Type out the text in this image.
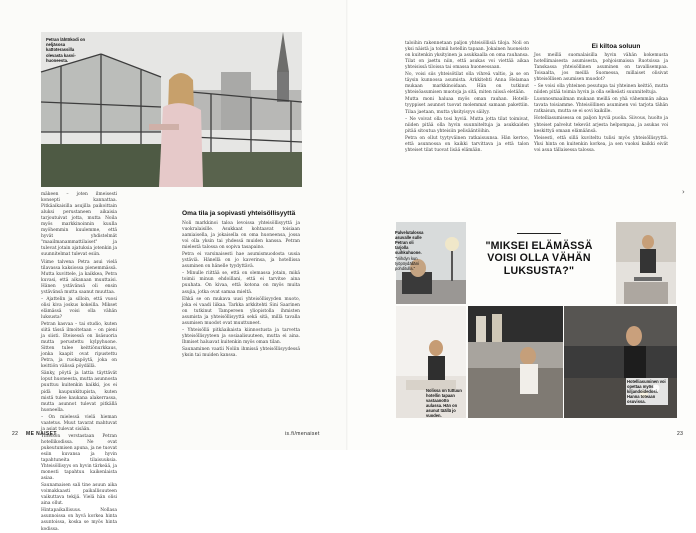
Petran lähtökodi on neljäsosa kattoterassilla olevasta kasvi-huoneesta.

mäkeen – joten ilmeisesti konsepti kannattaa. Pitkäaikaisilla asujilla paikoittain aluksi perustaneen aikaisia tarjoutuivat jotta, mutta Noila myös markkinoinnin kuulla myöhemmin kuulemme, että hyvät yhdistelmät "maailmanammattilaiset" ja tulevat jotain ajatuksia jotenkin ja suunnitelmat tulevat esiin.

Viime talvena Petra asui vielä tilavassa kaksiossa pienemmässä. Mutta kuvittele, ja kaikkea, Petra kuvasi, että aikanaan muuttaisi. Hänen ystävänsä oli ensin ystävänsä mutta saanut muuttaa.

– Ajattelin ja silloin, että vuosi olisi kiva joskus kokeilla. Mikset elämässä voisi olla vähän luksusta?

Petran kasvaa – tai studio, kuten siitä tässä ilmoitetaan – on pieni ja siisti. Eteisessä on lisäsuoria mutta perustettu kylpyhuone. Sitten tulee keittiönurkkaus, jonka kaapit ovat ripustettu Petra, ja ruokapöytä, joka on keittiön välissä pöydällä.

Sänky, pöytä ja lattia täyttävät loput huoneesta, mutta asunnosta puuttuu kuitenkin kaikki, jos ei pidä kaupunkitupista, kuten mistä tulee kaukana alakerrassa, mutta asunnot tulevat pitkällä huoneella.

– On mielessä vielä hieman vaatetus. Muut tavarat mahtuvat ja asiat tulevat sisään.

Yhteisön verstastaan Petran hotellikodissa. Ne ovat pukeutumisen apuna, ja ne tuovat esiin kuvansa ja hyvin tapahtuneita tilaisuuksia. Yhteisöllisyys on hyvin tärkeää, ja monesti tapahtuu kaikenlaista asiaa.

Saunamaisen sali tine asuun aika voimakkaasti paikallisuuteen vaikuttava tekijä. Vielä hän olisi aina ollut.

Hintapaikallisuus. Nollasa asunnoissa on hyvä korkea hinta asuntoissa, koska se myös hinta kodissa.

Oma tila ja sopivasti yhteisöllisyyttä

Noli markkinoi taloa levoissa yhteisöllisyyttä ja vuokralaisille. Asukkaat kohtaavat toisiaan aamiaisella, ja jokaisella on oma huoneensa, jossa voi olla yksin tai yhdessä muiden kanssa. Petran mielestä talossa on sopiva tasapaino.

Petra ei varsinaisesti hae asumismuodosta uusia ystäviä. Hänellä on jo kaverinsa, ja hotellissa asuminen on hänelle tyydyttävä.

– Minulle riittää se, että on olemassa jotain, mikä toimii minun ehdoillani, että ei tarvitse aina puuhata. On kivaa, että kotona on myös muita asujia, jotka ovat samaa mieltä.

Ehkä se on mukava uusi yhteisöllisyyden muoto, joka ei vaadi liikaa. Tarkka arkkitehti Sini Saarinen on tutkinut Tampereen yliopistolla ihmisten asumista ja yhteisöllisyyttä sekä sitä, millä tavalla asumisen muodot ovat muuttuneet.

– Yhteisöllä pitkäaikaista kiinnostusta ja tarvetta yhteisöllisyyteen ja sosiaalisuuteen, mutta ei aina. Ihmiset haluavat kuitenkin myös oman tilan.

Saunaminen vaatii Noliin ihmissä yhteisöllisyydessä yksin tai muiden kanssa.

22 ME NAISET	is.fi/menaiset

taloihin rakennetaan paljon yhteisöllisiä tiloja. Noli on yksi näistä ja toimii hotellin tapaan. Jokainen huoneisto on kuitenkin yksityinen ja asukkaalla on oma rauhansa. Tilat on jaettu niin, että asukas voi viettää aikaa yhteisissä tiloissa tai omassa huoneessaan.

No, voisi siis yhteisötilat olla vihreä valtio, ja se on täysin kunnossa asumista. Arkkitehti Anna Helamaa mukaan markkinoidaan. Hän on tutkinut yhteisöasumisen muotoja ja sitä, miten niissä eletään.

Mutta moni haluaa myös oman rauhan. Hotelli-tyyppiset asunnot tuovat molemmat samaan pakettiin. Tilaa jaetaan, mutta yksityisyys säilyy.

– Ne voivat olla tosi hyviä. Mutta jotta tilat toimivat, niiden pitää olla hyvin suunniteltuja ja asukkaiden pitää sitoutua yhteisiin pelisääntöihin.

Petra on ollut tyytyväinen ratkaisuunsa. Hän kertoo, että asunnossa on kaikki tarvittava ja että talon yhteiset tilat tuovat lisää elämään.

Ei kiltoa soluun

Jos meillä suomalaisilla hyvin vähän kokemusta hotellimaisesta asumisesta, pohjoismaissa Ruotsissa ja Tanskassa yhteisöllinen asuminen on tavallisempaa. Toisaalta, jos meillä Suomessa, millaiset olisivat yhteisöllisen asumisen muodot?

– Se voisi olla yhteinen pesutupa tai yhteinen keittiö, mutta niiden pitää toimia hyvin ja olla selkeästi suunniteltuja.

Luonnosmaailman mukaan meillä on yhä vähemmän aikaa tavata toisiamme. Yhteisöllinen asuminen voi tarjota tähän ratkaisun, mutta se ei sovi kaikille.

Hotelliasumisessa on paljon hyviä puolia. Siivous, huolto ja yhteiset palvelut tekevät arjesta helpompaa, ja asukas voi keskittyä omaan elämäänsä.

Yleisesti, että sillä kuviteltu tulisi myös yhteisöllisyyttä. Yksi hinta on kuitenkin korkea, ja sen vuoksi kaikki eivät voi asua tällaisessa talossa.

Palvelutalossa asuvalle sulle Petran oli tarjolla suihkuhuone.
"Viihdyn kun työpöydälläni pohditulla."
"MIKSEI ELÄMÄSSÄ VOISI OLLA VÄHÄN LUKSUSTA?"
Nolissa on tuttuun hotellin tapaan vastaanotto aulassa. Hän on asunut täällä jo vuoden.
Hotelliasuminen voi opettaa myös kiljandoidedosi. Hanna toteaan osuvissa.
23
›
